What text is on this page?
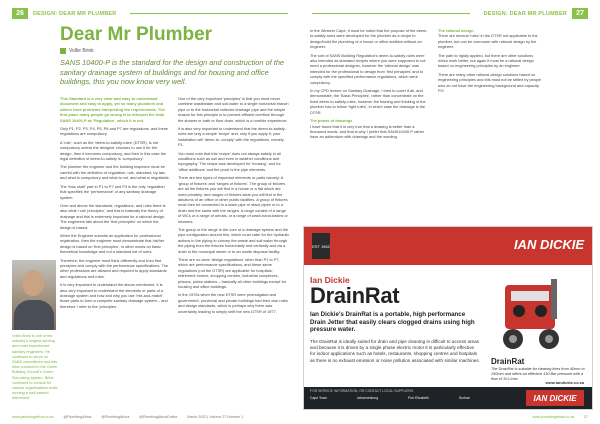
26	DESIGN: DEAR MR PLUMBER
Dear Mr Plumber
Vollie Brink
SANS 10400-P is the standard for the design and construction of the sanitary drainage system of buildings and for housing and office buildings, this you now know very well.

This Standard is a very clear and easy to understand document and easy to apply, yet so many plumbers and others have problems interpreting the requirements. The first place many people go wrong is to interpret the total SANS 10400-P as 'Regulation', which it is not.

Only P1, P2, P3, P4, P5, P6 and P7 are regulations, and these regulations are compulsory.

A 'rule', such as the 'deem-to-satisfy-rules' (DTSR), is not compulsory unless the designer chooses to use it for the design, then it becomes compulsory, and then in this case the legal definition of deem-to-satisfy is 'compulsory'.

The plumber the engineer and the building inspector must be careful with the definition of regulation, rule, standard, by-law, and what is compulsory and what is not, and what is negotiable.

The 'thus shall' part in P1 to P7 and P3 is the only 'regulation' that specifies the 'performance' of any sanitary drainage system.

Over and above the standards, regulations, and rules there is also what I call 'principles', and this is basically the theory of drainage and this is extremely important for a rational design. The engineers talk about the 'first principles' on which the design is based.

When the Engineer submits an application for professional registration, then the engineer must demonstrate that his/her design is based on 'first principles', in other words on basic theoretical knowledge and not a standard set of rules.

Therefore, the engineer must think differently and from first principles and comply with the performance specifications. The other professions are allowed and required to apply standards and regulations and rules.

It is very important to understand the above-mentioned. It is also very important to understand the elements or parts of a drainage system and how and why you use 'mix-and-match' those parts to form a complete sanitary drainage system – and therefore I refer to the 'principles'.

One of the very important 'principles' is that you must never combine wastewater and soil-water to a single horizontal branch pipe or to the horizontal collector drainage pipe and the simple reason for this principle is to prevent effluent overflow through the shower or bath or floor drain, which is a horrible experience.

It is also very important to understand that the deem-to-satisfy-rules are only a simple 'recipe' and, only if you apply it, your installation will 'deem-to- comply' with the regulations, namely P1.

You must note that this 'recipe' does not always satisfy in all conditions such as soil and even in weather conditions and topography. The recipe was developed for 'housing', and for 'office additions' and the proof is the pipe elements.

There are two types of important elements or parts namely: A 'group of fixtures' and 'ranges of fixtures'. The group of fixtures are all the fixtures you will find in a house or a flat which are used privately, and ranges of fixtures what you will find in the ablutions of an office or other public facilities. A group of fixtures must then be connected to a stack pipe or stack pipes or to a drain and the same with the ranges. A range consist of a range of WCs or a range of urinals, or a range of wash-hand-basins or showers.

The group or the range is the core of a drainage system and the pipe configuration around this, which must cater for the hydraulic actions in the piping to convey the waste and soil water through the piping from the fixtures horizontally and vertically and via a drain to the municipal sewer or to an onsite disposal facility.

There are no clear 'design regulations' other than P1 to P7, which are performance specifications, and these same regulations (not the DTSR) are applicable for hospitals, retirement homes, shopping centres, industrial complexes, prisons, police stations – basically all other buildings except for housing and office buildings.

In the 1970s when the new DTSR were promulgated and government, provincial and private buildings had their own rules and design standards, which is perhaps why there was uncertainty leading to simply shift the new DTSR of 1977.

Vollie Brink is one of the industry's longest-serving and most experienced sanitary engineers. He continues to serve on SABS committees and has been involved in the Green Building Council's Green Star rating system. Brink continues to consult for various organisations while running a well-earned retirement.
www.plumbingafrica.co.za	@PlumbingAfrica	@PlumbingAfrica	@PlumbingAfricaOnline	March 2022 | Volume 27 Number 1
DESIGN: DEAR MR PLUMBER	27

In the Western Cape, it must be noted that the purpose of the deem-to-satisfy-rules were developed for the plumber as a recipe to design/build the plumbing of a house or office addition without an engineer.

The sort of SANS Building Regulation's deem-to-satisfy-rules were also intended as standard recipes where you were supposed to not need a professional designer, however the 'rational design' was intended for the professional to design from 'first principles' and to comply with the specified performance regulations, which were compulsory.

In my CPD lecture on Sanitary Drainage, I tried to cover it all, and demonstrate, the 'Basic Principles', rather than concentrate on the fixed deem-to-satisfy-rules, however the training and thinking of the plumber has to follow 'right rules', in which case the drainage is the DTSR.

The power of drawings

I have found that it is very true that a drawing is better than a thousand words, and that is why I prefer that SANS10400-P rather have an addendum with drawings and the wording.

The rational design

There are several 'rules' in the DTSR not applicable to the plumber, but can be overcome with rational design by the engineer.

The path to rigidly applied, but there are other solutions which work better, but again it must be a rational design based on engineering principles by an engineer.

There are many other rational design solutions based on engineering principles and this must not be stifled by people who do not have the engineering background and capacity. PO

EST 1962	IAN DICKIE
Ian Dickie
DrainRat
Ian Dickie's DrainRat is a portable, high performance Drain Jetter that easily clears clogged drains using high pressure water.
The DrainRat is ideally suited for drain and pipe cleaning in difficult to access areas and because it is driven by a single phase electric motor it is particularly effective for indoor applications such as hotels, restaurants, shopping centres and hospitals as there is no exhaust emission or noise pollution associated with similar machines. DrainRat
The DrainRat is suitable for clearing lines from 40mm to 150mm and offers an effective 130 Bar pressure with a flow of 10 L/min.
www.iandickie.co.za
FOR SERVICE INFORMATION, OR CONTACT LOCAL SUPPLIERS
Cape Town	Johannesburg	Port Elizabeth	Durban	IAN DICKIE
www.plumbingafrica.co.za	27
